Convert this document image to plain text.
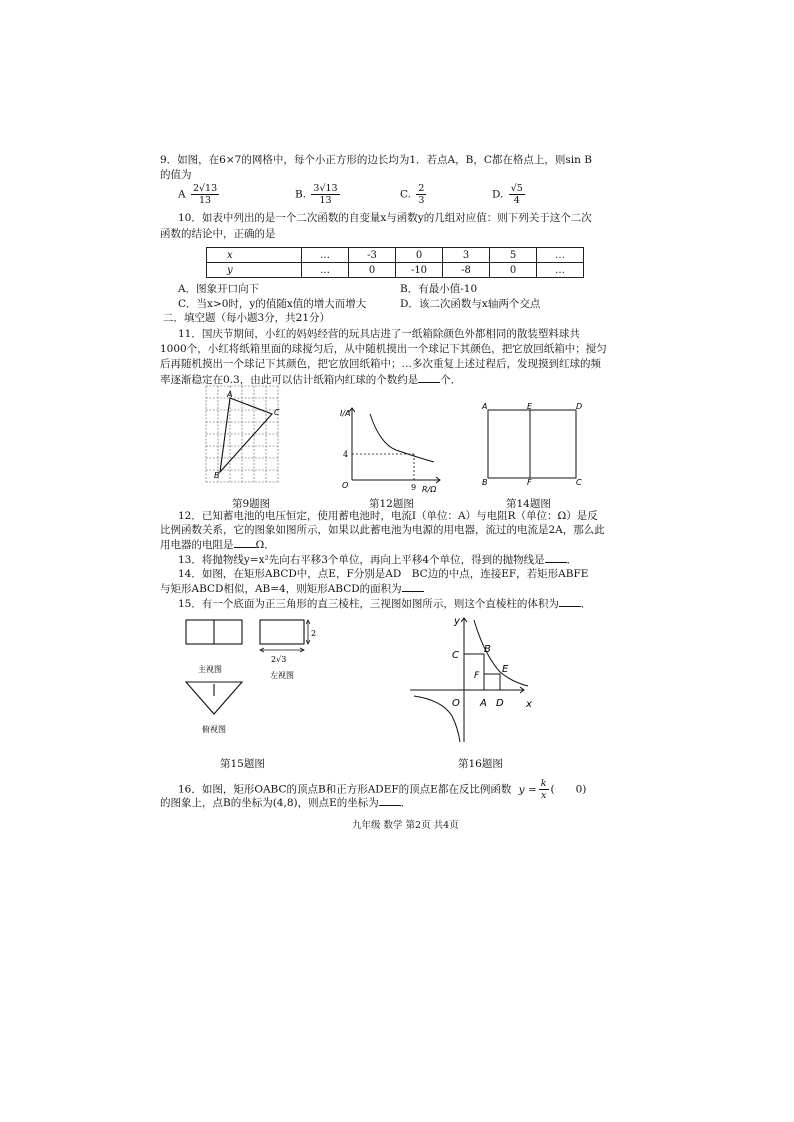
9．如图，在6×7的网格中，每个小正方形的边长均为1．若点A，B，C都在格点上，则sin B
的值为
A $\frac{2√13}{13}$	B. $\frac{3√13}{13}$	C. $\frac{2}{3}$	D. $\frac{√5}{4}$
10．如表中列出的是一个二次函数的自变量x与函数y的几组对应值：则下列关于这个二次
函数的结论中，正确的是
x	…	-3	0	3	5	…
y	…	0	-10	-8	0	…
A．图象开口向下	B．有最小值-10
C．当x>0时，y的值随x值的增大而增大	D．该二次函数与x轴两个交点
二．填空题（每小题3分，共21分）
11．国庆节期间，小红的妈妈经营的玩具店进了一纸箱除颜色外都相同的散装塑料球共
1000个，小红将纸箱里面的球搅匀后，从中随机摸出一个球记下其颜色，把它放回纸箱中；搅匀
后再随机摸出一个球记下其颜色，把它放回纸箱中；…多次重复上述过程后，发现摸到红球的频
率逐渐稳定在0.3，由此可以估计纸箱内红球的个数约是 个．
A
C
B
第9题图
I/A
R/Ω
O
4
9
第12题图
A	E	D
B	F	C
第14题图
12．已知蓄电池的电压恒定，使用蓄电池时，电流I（单位：A）与电阻R（单位：Ω）是反
比例函数关系，它的图象如图所示，如果以此蓄电池为电源的用电器，流过的电流是2A，那么此
用电器的电阻是 Ω．
13．将抛物线y=x²先向右平移3个单位，再向上平移4个单位，得到的抛物线是 ．
14．如图，在矩形ABCD中，点E，F分别是AD　BC边的中点，连接EF，若矩形ABFE
与矩形ABCD相似，AB=4，则矩形ABCD的面积为
15．有一个底面为正三角形的直三棱柱，三视图如图所示，则这个直棱柱的体积为 ．
2
2√3
主视图
左视图
俯视图
第15题图
y
x
O
C
B
E
F
A D
第16题图
16．如图，矩形OABC的顶点B和正方形ADEF的顶点E都在反比例函数 $y = \frac{k}{x}$ (　　0)
的图象上，点B的坐标为(4,8)，则点E的坐标为 ．
九年级 数学 第2页 共4页
